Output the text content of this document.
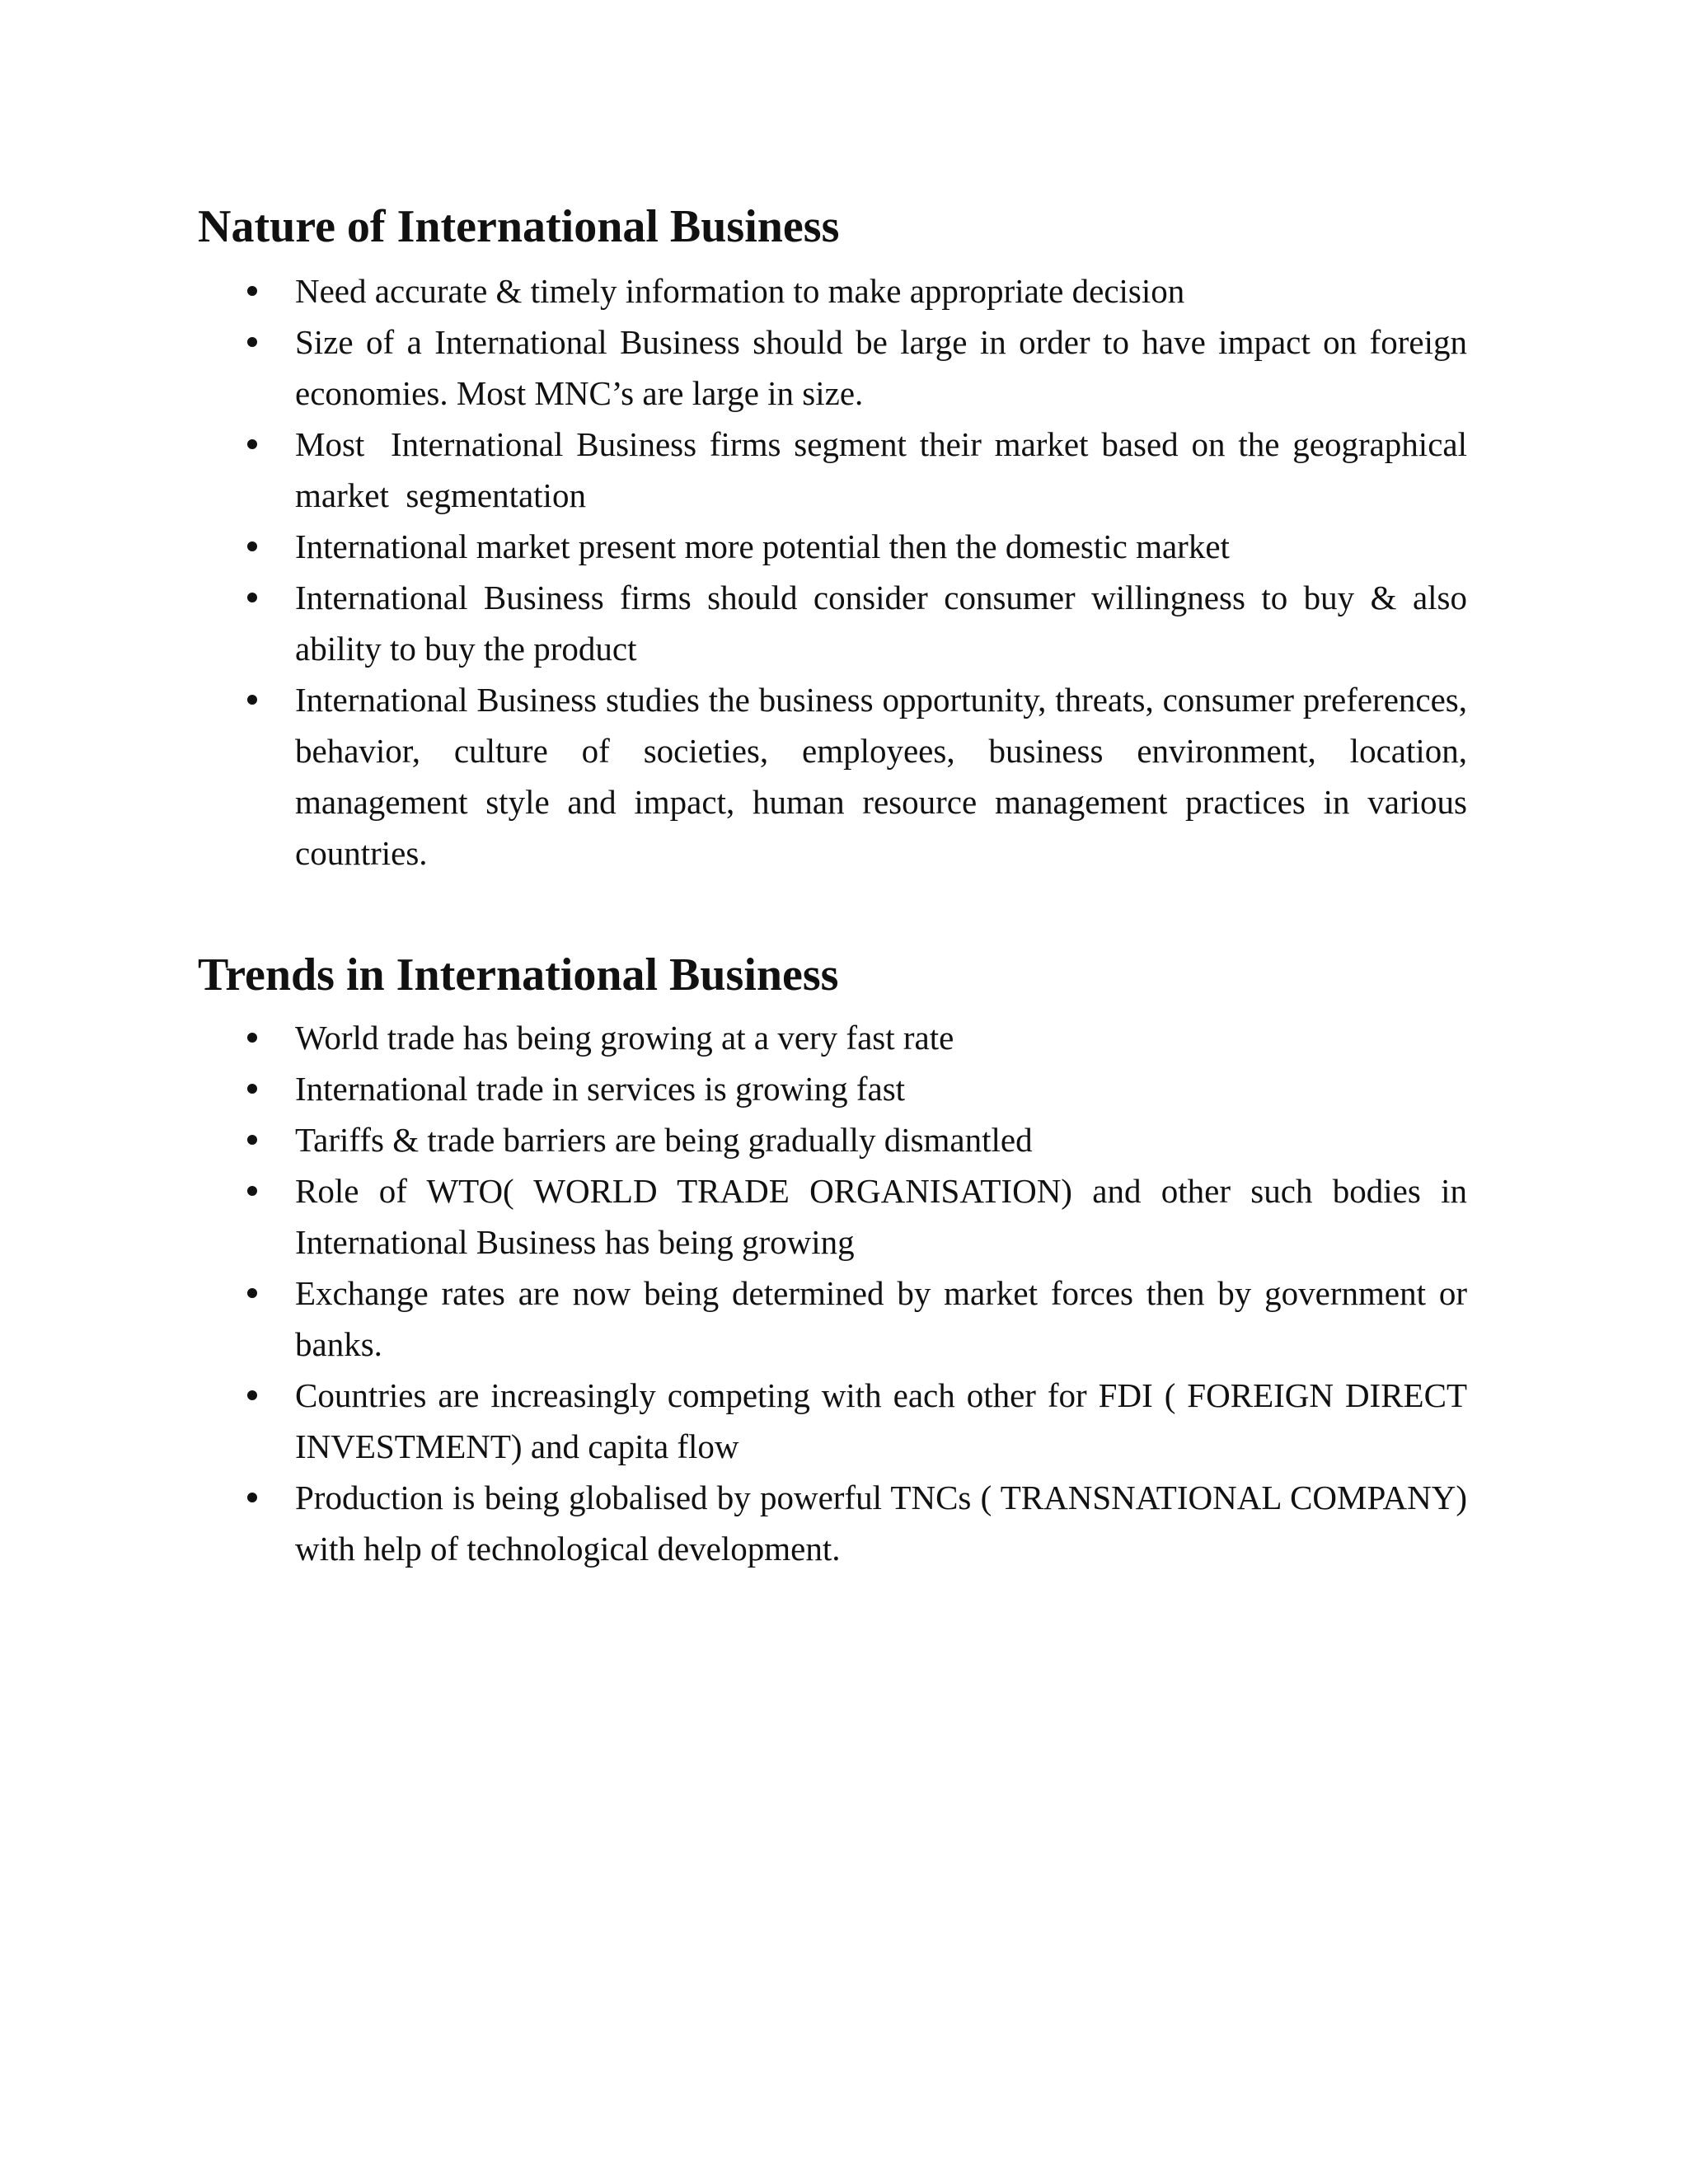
Nature of International Business
Need accurate & timely information to make appropriate decision
Size of a International Business should be large in order to have impact on foreign economies. Most MNC’s are large in size.
Most  International Business firms segment their market based on the geographical market  segmentation
International market present more potential then the domestic market
International Business firms should consider consumer willingness to buy & also ability to buy the product
International Business studies the business opportunity, threats, consumer preferences, behavior, culture of societies, employees, business environment, location, management style and impact, human resource management practices in various countries.
Trends in International Business
World trade has being growing at a very fast rate
International trade in services is growing fast
Tariffs & trade barriers are being gradually dismantled
Role of WTO( WORLD TRADE ORGANISATION) and other such bodies in International Business has being growing
Exchange rates are now being determined by market forces then by government or banks.
Countries are increasingly competing with each other for FDI ( FOREIGN DIRECT INVESTMENT) and capita flow
Production is being globalised by powerful TNCs ( TRANSNATIONAL COMPANY)  with help of technological development.
